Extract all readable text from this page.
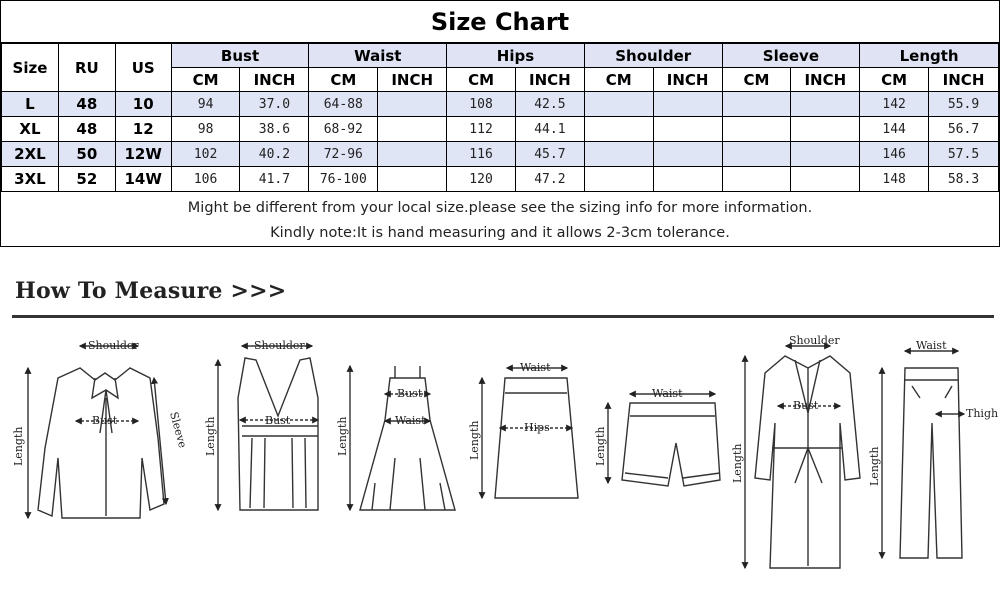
Size Chart
Size	RU	US	Bust		Waist		Hips		Shoulder		Sleeve		Length	
			CM	INCH	CM	INCH	CM	INCH	CM	INCH	CM	INCH	CM	INCH
L	48	10	94	37.0	64-88		108	42.5					142	55.9
XL	48	12	98	38.6	68-92		112	44.1					144	56.7
2XL	50	12W	102	40.2	72-96		116	45.7					146	57.5
3XL	52	14W	106	41.7	76-100		120	47.2					148	58.3

Might be different from your local size.please see the sizing info for more information.

Kindly note:It is hand measuring and it allows 2-3cm tolerance.

How To Measure >>>
Shoulder
Bust
Length	Sleeve
Shoulder
Bust
Length
Bust
Waist
Length
Waist
Hips
Length
Waist
Length
Shoulder
Bust
Length
Waist
Thigh
Length
